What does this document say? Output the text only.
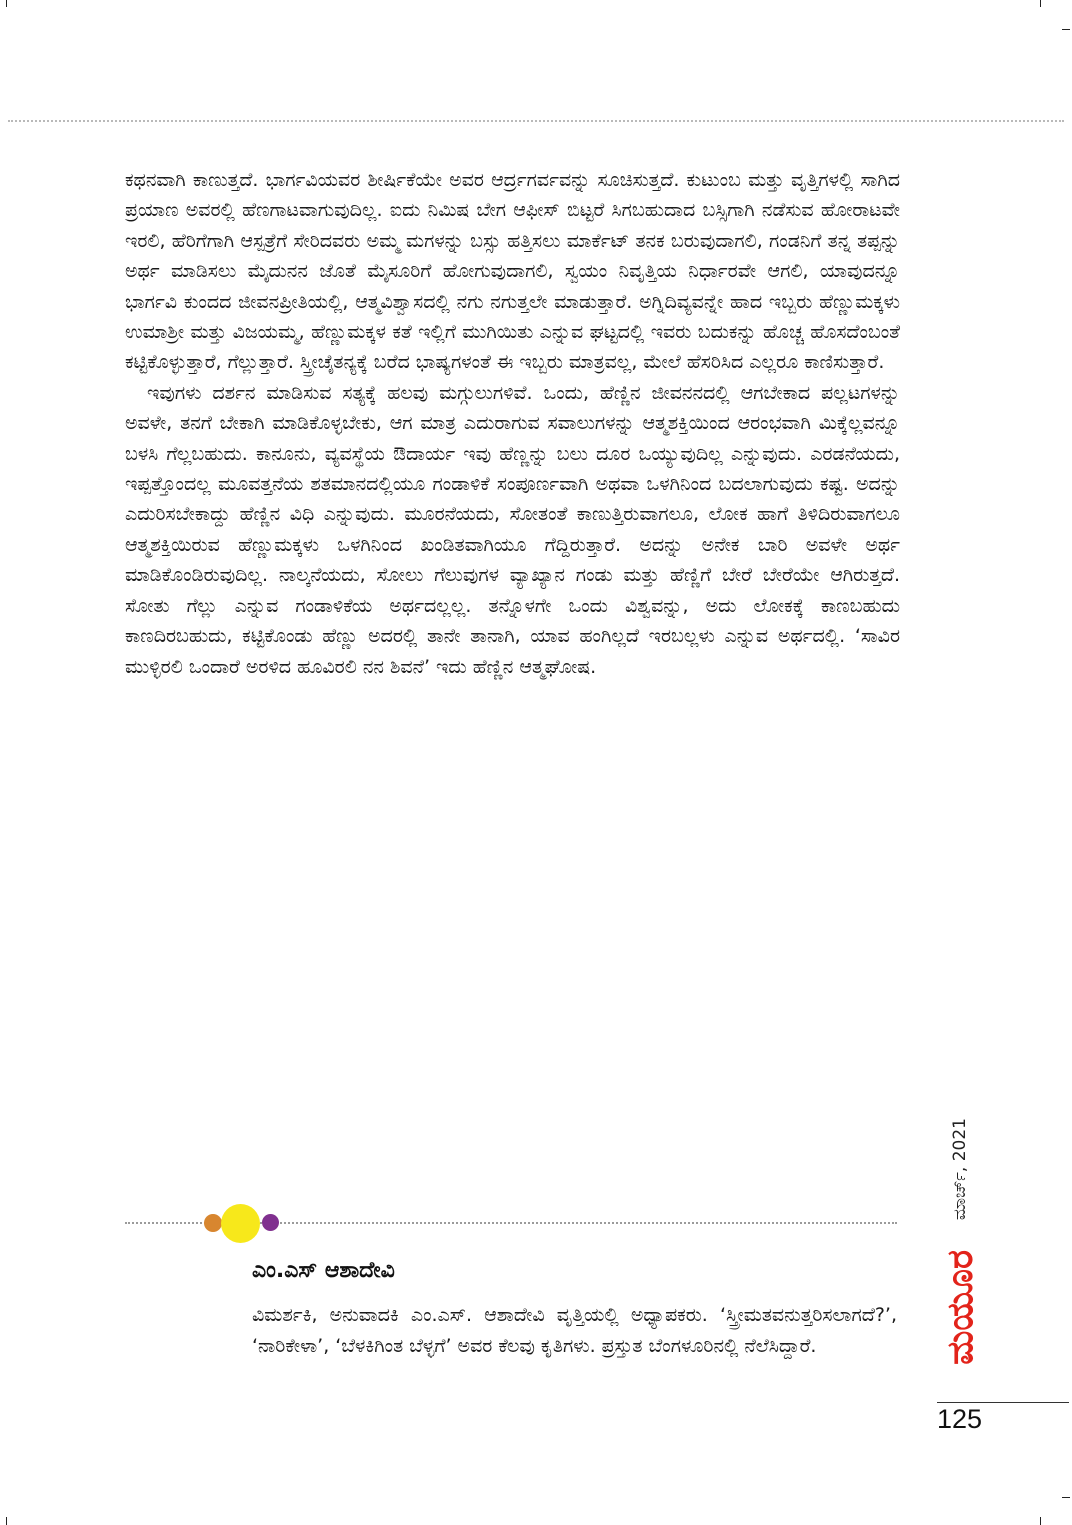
ಕಥನವಾಗಿ ಕಾಣುತ್ತದೆ. ಭಾರ್ಗವಿಯವರ ಶೀರ್ಷಿಕೆಯೇ ಅವರ ಆರ್ದ್ರಗರ್ವವನ್ನು ಸೂಚಿಸುತ್ತದೆ. ಕುಟುಂಬ ಮತ್ತು ವೃತ್ತಿಗಳಲ್ಲಿ ಸಾಗಿದ ಪ್ರಯಾಣ ಅವರಲ್ಲಿ ಹೆಣಗಾಟವಾಗುವುದಿಲ್ಲ. ಐದು ನಿಮಿಷ ಬೇಗ ಆಫೀಸ್ ಬಿಟ್ಟರೆ ಸಿಗಬಹುದಾದ ಬಸ್ಸಿಗಾಗಿ ನಡೆಸುವ ಹೋರಾಟವೇ ಇರಲಿ, ಹೆರಿಗೆಗಾಗಿ ಆಸ್ಪತ್ರೆಗೆ ಸೇರಿದವರು ಅಮ್ಮ ಮಗಳನ್ನು ಬಸ್ಸು ಹತ್ತಿಸಲು ಮಾರ್ಕೆಟ್ ತನಕ ಬರುವುದಾಗಲಿ, ಗಂಡನಿಗೆ ತನ್ನ ತಪ್ಪನ್ನು ಅರ್ಥ ಮಾಡಿಸಲು ಮೈದುನನ ಜೊತೆ ಮೈಸೂರಿಗೆ ಹೋಗುವುದಾಗಲಿ, ಸ್ವಯಂ ನಿವೃತ್ತಿಯ ನಿರ್ಧಾರವೇ ಆಗಲಿ, ಯಾವುದನ್ನೂ ಭಾರ್ಗವಿ ಕುಂದದ ಜೀವನಪ್ರೀತಿಯಲ್ಲಿ, ಆತ್ಮವಿಶ್ವಾಸದಲ್ಲಿ ನಗು ನಗುತ್ತಲೇ ಮಾಡುತ್ತಾರೆ. ಅಗ್ನಿದಿವ್ಯವನ್ನೇ ಹಾದ ಇಬ್ಬರು ಹೆಣ್ಣುಮಕ್ಕಳು ಉಮಾಶ್ರೀ ಮತ್ತು ವಿಜಯಮ್ಮ, ಹೆಣ್ಣುಮಕ್ಕಳ ಕತೆ ಇಲ್ಲಿಗೆ ಮುಗಿಯಿತು ಎನ್ನುವ ಘಟ್ಟದಲ್ಲಿ ಇವರು ಬದುಕನ್ನು ಹೊಚ್ಚ ಹೊಸದೆಂಬಂತೆ ಕಟ್ಟಿಕೊಳ್ಳುತ್ತಾರೆ, ಗೆಲ್ಲುತ್ತಾರೆ. ಸ್ತ್ರೀಚೈತನ್ಯಕ್ಕೆ ಬರೆದ ಭಾಷ್ಯಗಳಂತೆ ಈ ಇಬ್ಬರು ಮಾತ್ರವಲ್ಲ, ಮೇಲೆ ಹೆಸರಿಸಿದ ಎಲ್ಲರೂ ಕಾಣಿಸುತ್ತಾರೆ.

ಇವುಗಳು ದರ್ಶನ ಮಾಡಿಸುವ ಸತ್ಯಕ್ಕೆ ಹಲವು ಮಗ್ಗುಲುಗಳಿವೆ. ಒಂದು, ಹೆಣ್ಣಿನ ಜೀವನನದಲ್ಲಿ ಆಗಬೇಕಾದ ಪಲ್ಲಟಗಳನ್ನು ಅವಳೇ, ತನಗೆ ಬೇಕಾಗಿ ಮಾಡಿಕೊಳ್ಳಬೇಕು, ಆಗ ಮಾತ್ರ ಎದುರಾಗುವ ಸವಾಲುಗಳನ್ನು ಆತ್ಮಶಕ್ತಿಯಿಂದ ಆರಂಭವಾಗಿ ಮಿಕ್ಕೆಲ್ಲವನ್ನೂ ಬಳಸಿ ಗೆಲ್ಲಬಹುದು. ಕಾನೂನು, ವ್ಯವಸ್ಥೆಯ ಔದಾರ್ಯ ಇವು ಹೆಣ್ಣನ್ನು ಬಲು ದೂರ ಒಯ್ಯುವುದಿಲ್ಲ ಎನ್ನುವುದು. ಎರಡನೆಯದು, ಇಪ್ಪತ್ತೊಂದಲ್ಲ ಮೂವತ್ತನೆಯ ಶತಮಾನದಲ್ಲಿಯೂ ಗಂಡಾಳಿಕೆ ಸಂಪೂರ್ಣವಾಗಿ ಅಥವಾ ಒಳಗಿನಿಂದ ಬದಲಾಗುವುದು ಕಷ್ಟ. ಅದನ್ನು ಎದುರಿಸಬೇಕಾದ್ದು ಹೆಣ್ಣಿನ ವಿಧಿ ಎನ್ನುವುದು. ಮೂರನೆಯದು, ಸೋತಂತೆ ಕಾಣುತ್ತಿರುವಾಗಲೂ, ಲೋಕ ಹಾಗೆ ತಿಳಿದಿರುವಾಗಲೂ ಆತ್ಮಶಕ್ತಿಯಿರುವ ಹೆಣ್ಣುಮಕ್ಕಳು ಒಳಗಿನಿಂದ ಖಂಡಿತವಾಗಿಯೂ ಗೆದ್ದಿರುತ್ತಾರೆ. ಅದನ್ನು ಅನೇಕ ಬಾರಿ ಅವಳೇ ಅರ್ಥ ಮಾಡಿಕೊಂಡಿರುವುದಿಲ್ಲ. ನಾಲ್ಕನೆಯದು, ಸೋಲು ಗೆಲುವುಗಳ ವ್ಯಾಖ್ಯಾನ ಗಂಡು ಮತ್ತು ಹೆಣ್ಣಿಗೆ ಬೇರೆ ಬೇರೆಯೇ ಆಗಿರುತ್ತದೆ. ಸೋತು ಗೆಲ್ಲು ಎನ್ನುವ ಗಂಡಾಳಿಕೆಯ ಅರ್ಥದಲ್ಲಲ್ಲ. ತನ್ನೊಳಗೇ ಒಂದು ವಿಶ್ವವನ್ನು, ಅದು ಲೋಕಕ್ಕೆ ಕಾಣಬಹುದು ಕಾಣದಿರಬಹುದು, ಕಟ್ಟಿಕೊಂಡು ಹೆಣ್ಣು ಅದರಲ್ಲಿ ತಾನೇ ತಾನಾಗಿ, ಯಾವ ಹಂಗಿಲ್ಲದೆ ಇರಬಲ್ಲಳು ಎನ್ನುವ ಅರ್ಥದಲ್ಲಿ. ‘ಸಾವಿರ ಮುಳ್ಳಿರಲಿ ಒಂದಾರೆ ಅರಳಿದ ಹೂವಿರಲಿ ನನ ಶಿವನೆ’ ಇದು ಹೆಣ್ಣಿನ ಆತ್ಮಘೋಷ.

ಎಂ.ಎಸ್ ಆಶಾದೇವಿ
ವಿಮರ್ಶಕಿ, ಅನುವಾದಕಿ ಎಂ.ಎಸ್. ಆಶಾದೇವಿ ವೃತ್ತಿಯಲ್ಲಿ ಅಧ್ಯಾಪಕರು. ‘ಸ್ತ್ರೀಮತವನುತ್ತರಿಸಲಾಗದೆ?’, ‘ನಾರಿಕೇಳಾ’, ‘ಬೆಳಕಿಗಿಂತ ಬೆಳ್ಳಗೆ’ ಅವರ ಕೆಲವು ಕೃತಿಗಳು. ಪ್ರಸ್ತುತ ಬೆಂಗಳೂರಿನಲ್ಲಿ ನೆಲೆಸಿದ್ದಾರೆ.
ಮಾರ್ಚ್, 2021
ಮಯೂರ
125
